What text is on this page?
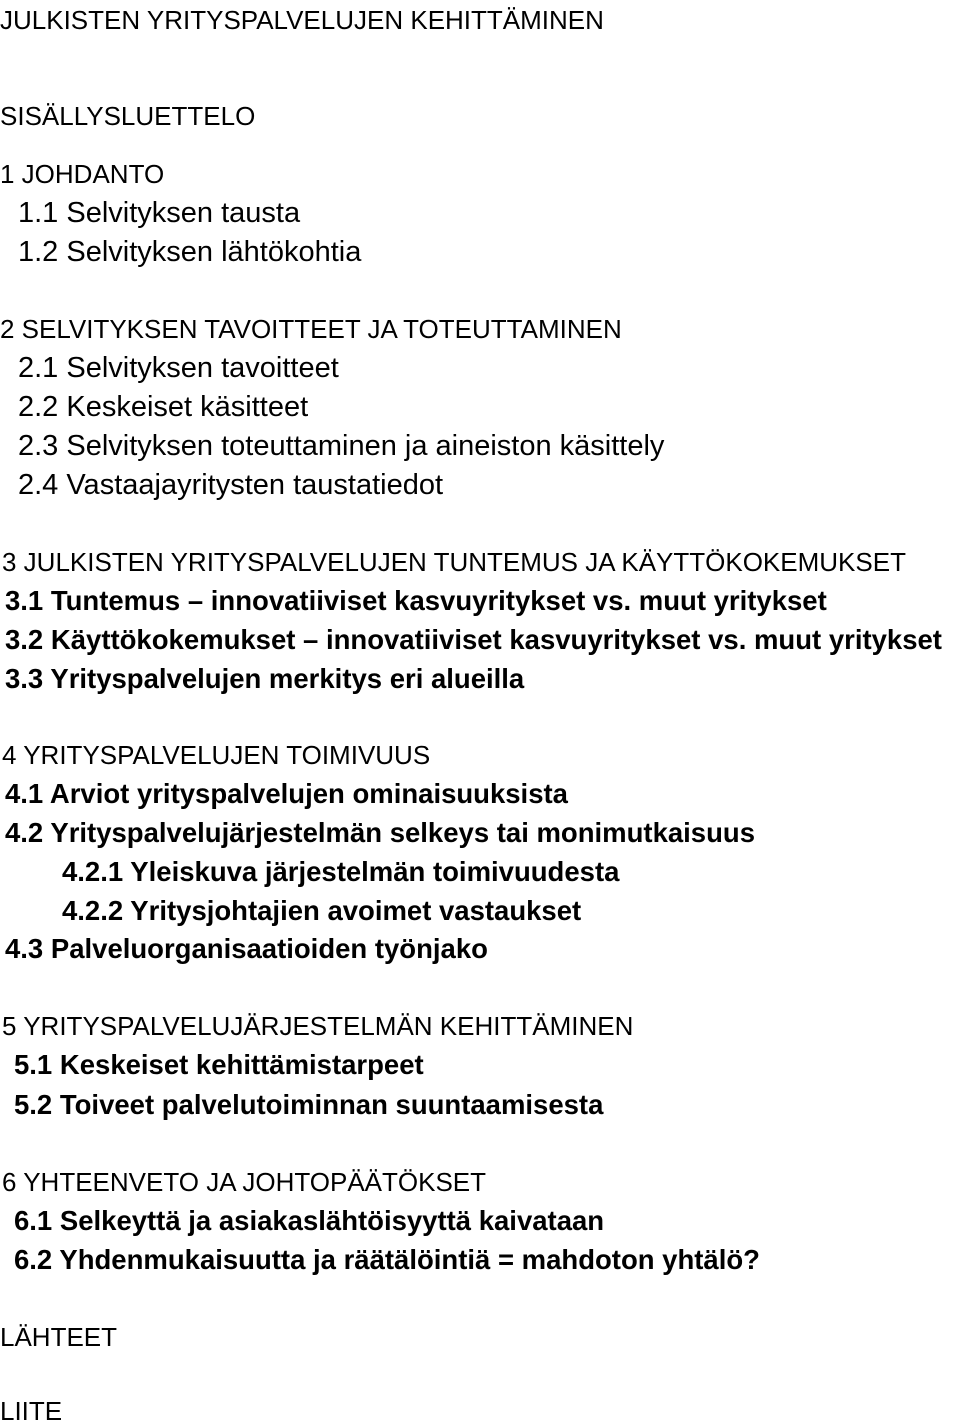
JULKISTEN YRITYSPALVELUJEN KEHITTÄMINEN
SISÄLLYSLUETTELO
1 JOHDANTO
1.1 Selvityksen tausta
1.2 Selvityksen lähtökohtia
2 SELVITYKSEN TAVOITTEET JA TOTEUTTAMINEN
2.1 Selvityksen tavoitteet
2.2 Keskeiset käsitteet
2.3 Selvityksen toteuttaminen ja aineiston käsittely
2.4 Vastaajayritysten taustatiedot
3 JULKISTEN YRITYSPALVELUJEN TUNTEMUS JA KÄYTTÖKOKEMUKSET
3.1 Tuntemus – innovatiiviset kasvuyritykset vs. muut yritykset
3.2 Käyttökokemukset – innovatiiviset kasvuyritykset vs. muut yritykset
3.3 Yrityspalvelujen merkitys eri alueilla
4 YRITYSPALVELUJEN TOIMIVUUS
4.1 Arviot yrityspalvelujen ominaisuuksista
4.2 Yrityspalvelujärjestelmän selkeys tai monimutkaisuus
4.2.1 Yleiskuva järjestelmän toimivuudesta
4.2.2 Yritysjohtajien avoimet vastaukset
4.3 Palveluorganisaatioiden työnjako
5 YRITYSPALVELUJÄRJESTELMÄN KEHITTÄMINEN
5.1 Keskeiset kehittämistarpeet
5.2 Toiveet palvelutoiminnan suuntaamisesta
6 YHTEENVETO JA JOHTOPÄÄTÖKSET
6.1 Selkeyttä ja asiakaslähtöisyyttä kaivataan
6.2 Yhdenmukaisuutta ja räätälöintiä = mahdoton yhtälö?
LÄHTEET
LIITE
